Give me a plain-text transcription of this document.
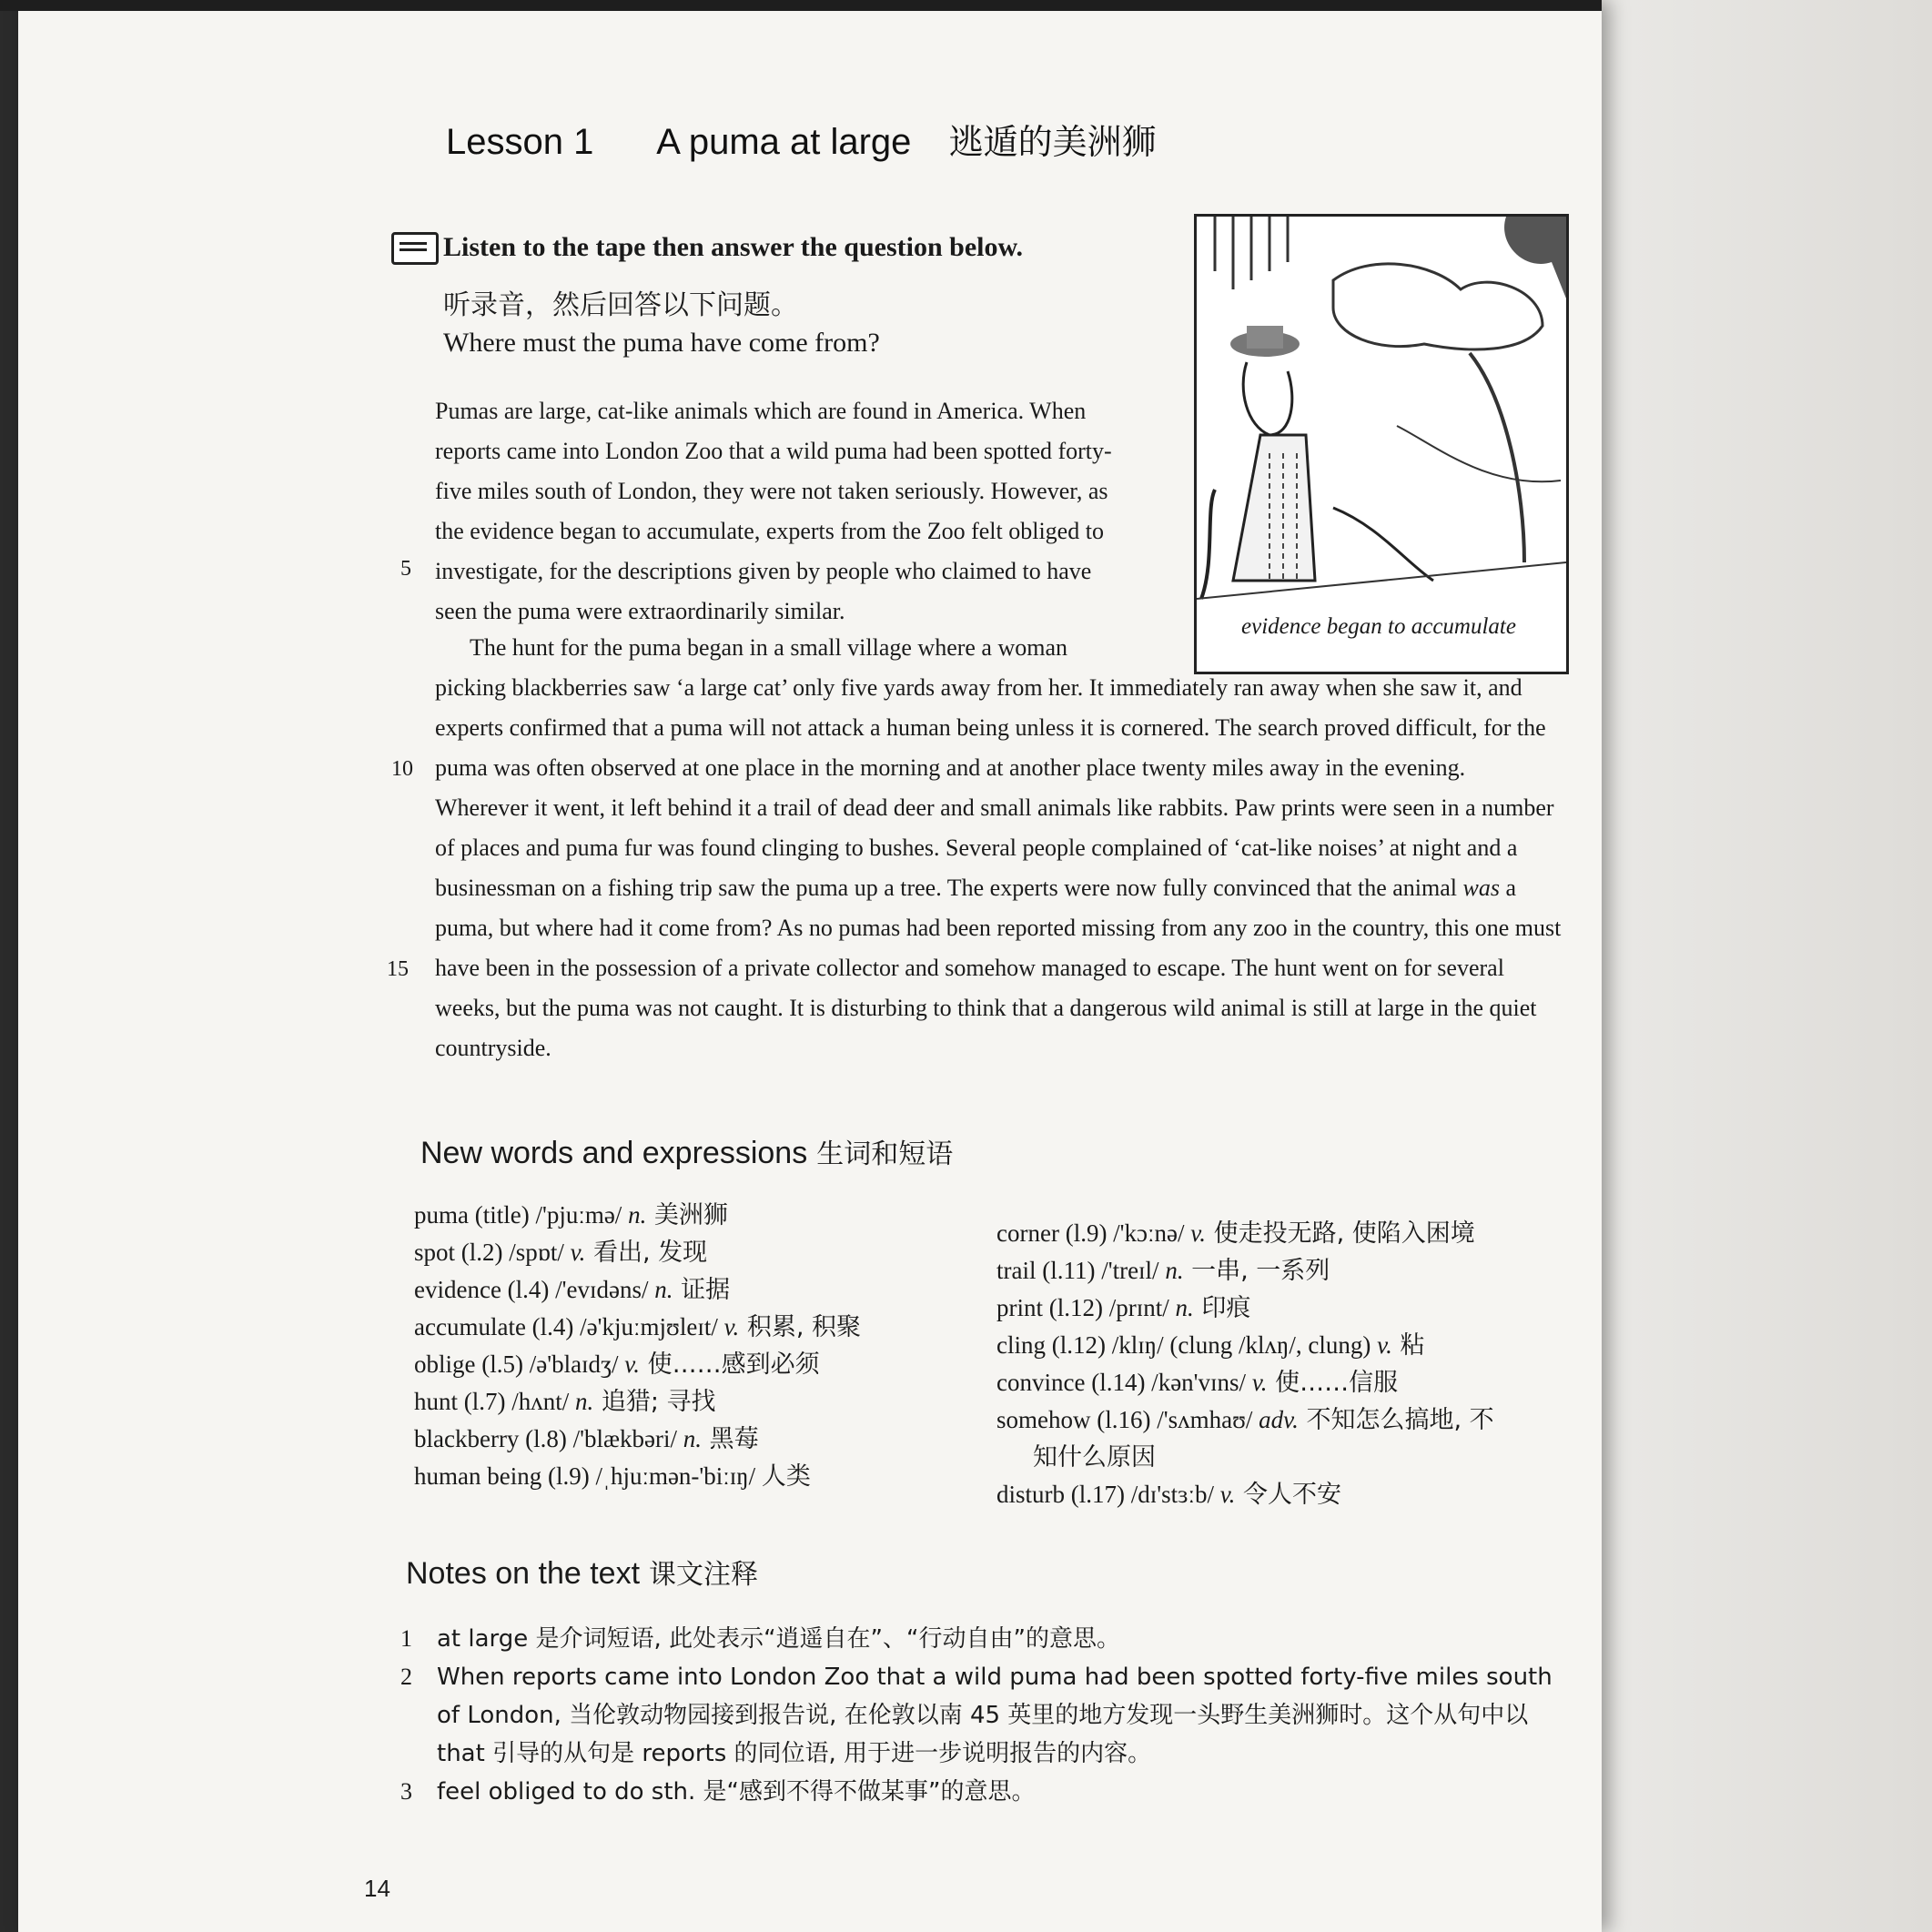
Lesson 1 A puma at large 逃遁的美洲狮
Listen to the tape then answer the question below.
听录音，然后回答以下问题。
Where must the puma have come from?
Pumas are large, cat-like animals which are found in America. When reports came into London Zoo that a wild puma had been spotted forty-five miles south of London, they were not taken seriously. However, as the evidence began to accumulate, experts from the Zoo felt obliged to investigate, for the descriptions given by people who claimed to have seen the puma were extraordinarily similar.
The hunt for the puma began in a small village where a woman
picking blackberries saw ‘a large cat’ only five yards away from her. It immediately ran away when she saw it, and experts confirmed that a puma will not attack a human being unless it is cornered. The search proved difficult, for the puma was often observed at one place in the morning and at another place twenty miles away in the evening. Wherever it went, it left behind it a trail of dead deer and small animals like rabbits. Paw prints were seen in a number of places and puma fur was found clinging to bushes. Several people complained of ‘cat-like noises’ at night and a businessman on a fishing trip saw the puma up a tree. The experts were now fully convinced that the animal was a puma, but where had it come from? As no pumas had been reported missing from any zoo in the country, this one must have been in the possession of a private collector and somehow managed to escape. The hunt went on for several weeks, but the puma was not caught. It is disturbing to think that a dangerous wild animal is still at large in the quiet countryside.
5
10
15
evidence began to accumulate
New words and expressions 生词和短语
puma (title) /'pjuːmə/ n. 美洲狮
spot (l.2) /spɒt/ v. 看出, 发现
evidence (l.4) /'evɪdəns/ n. 证据
accumulate (l.4) /ə'kjuːmjʊleɪt/ v. 积累, 积聚
oblige (l.5) /ə'blaɪdʒ/ v. 使……感到必须
hunt (l.7) /hʌnt/ n. 追猎; 寻找
blackberry (l.8) /'blækbəri/ n. 黑莓
human being (l.9) /ˌhjuːmən-'biːɪŋ/ 人类
corner (l.9) /'kɔːnə/ v. 使走投无路, 使陷入困境
trail (l.11) /'treɪl/ n. 一串, 一系列
print (l.12) /prɪnt/ n. 印痕
cling (l.12) /klɪŋ/ (clung /klʌŋ/, clung) v. 粘
convince (l.14) /kən'vɪns/ v. 使……信服
somehow (l.16) /'sʌmhaʊ/ adv. 不知怎么搞地, 不
知什么原因
disturb (l.17) /dɪ'stɜːb/ v. 令人不安
Notes on the text 课文注释
1	at large 是介词短语, 此处表示“逍遥自在”、“行动自由”的意思。
2	When reports came into London Zoo that a wild puma had been spotted forty-five miles south of London, 当伦敦动物园接到报告说, 在伦敦以南 45 英里的地方发现一头野生美洲狮时。这个从句中以 that 引导的从句是 reports 的同位语, 用于进一步说明报告的内容。
3	feel obliged to do sth. 是“感到不得不做某事”的意思。
14
